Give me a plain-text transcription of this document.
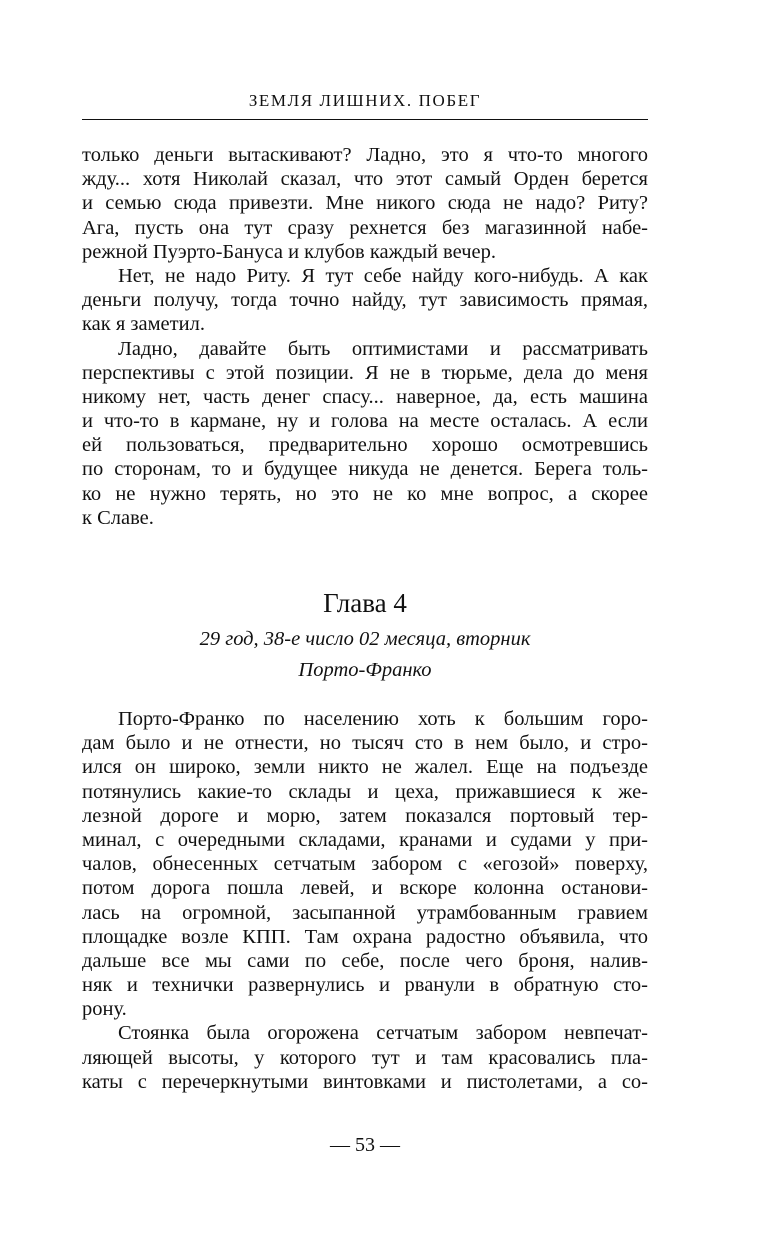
ЗЕМЛЯ ЛИШНИХ. ПОБЕГ
только деньги вытаскивают? Ладно, это я что-то многого
жду... хотя Николай сказал, что этот самый Орден берется
и семью сюда привезти. Мне никого сюда не надо? Риту?
Ага, пусть она тут сразу рехнется без магазинной набе-
режной Пуэрто-Бануса и клубов каждый вечер.
Нет, не надо Риту. Я тут себе найду кого-нибудь. А как
деньги получу, тогда точно найду, тут зависимость прямая,
как я заметил.
Ладно, давайте быть оптимистами и рассматривать
перспективы с этой позиции. Я не в тюрьме, дела до меня
никому нет, часть денег спасу... наверное, да, есть машина
и что-то в кармане, ну и голова на месте осталась. А если
ей пользоваться, предварительно хорошо осмотревшись
по сторонам, то и будущее никуда не денется. Берега толь-
ко не нужно терять, но это не ко мне вопрос, а скорее
к Славе.
Глава 4
29 год, 38-е число 02 месяца, вторник
Порто-Франко
Порто-Франко по населению хоть к большим горо-
дам было и не отнести, но тысяч сто в нем было, и стро-
ился он широко, земли никто не жалел. Еще на подъезде
потянулись какие-то склады и цеха, прижавшиеся к же-
лезной дороге и морю, затем показался портовый тер-
минал, с очередными складами, кранами и судами у при-
чалов, обнесенных сетчатым забором с «егозой» поверху,
потом дорога пошла левей, и вскоре колонна останови-
лась на огромной, засыпанной утрамбованным гравием
площадке возле КПП. Там охрана радостно объявила, что
дальше все мы сами по себе, после чего броня, налив-
няк и технички развернулись и рванули в обратную сто-
рону.
Стоянка была огорожена сетчатым забором невпечат-
ляющей высоты, у которого тут и там красовались пла-
каты с перечеркнутыми винтовками и пистолетами, а со-
— 53 —
